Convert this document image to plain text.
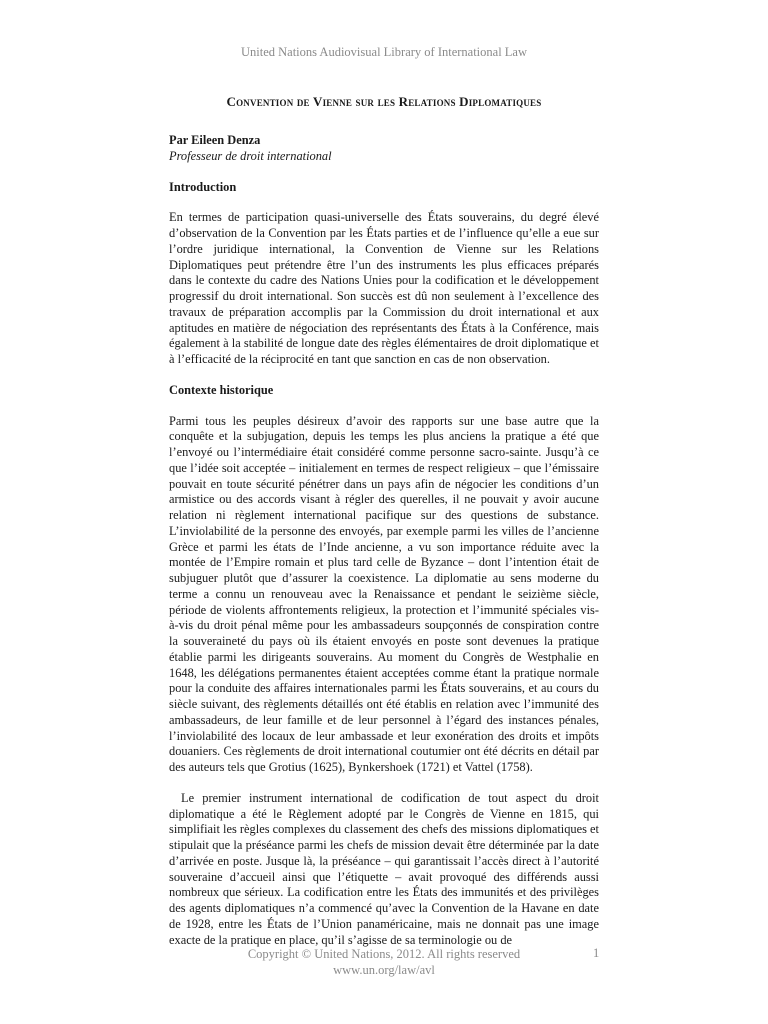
United Nations Audiovisual Library of International Law
Convention de Vienne sur les Relations Diplomatiques

Par Eileen Denza

Professeur de droit international

Introduction

En termes de participation quasi-universelle des États souverains, du degré élevé d’observation de la Convention par les États parties et de l’influence qu’elle a eue sur l’ordre juridique international, la Convention de Vienne sur les Relations Diplomatiques peut prétendre être l’un des instruments les plus efficaces préparés dans le contexte du cadre des Nations Unies pour la codification et le développement progressif du droit international. Son succès est dû non seulement à l’excellence des travaux de préparation accomplis par la Commission du droit international et aux aptitudes en matière de négociation des représentants des États à la Conférence, mais également à la stabilité de longue date des règles élémentaires de droit diplomatique et à l’efficacité de la réciprocité en tant que sanction en cas de non observation.

Contexte historique

Parmi tous les peuples désireux d’avoir des rapports sur une base autre que la conquête et la subjugation, depuis les temps les plus anciens la pratique a été que l’envoyé ou l’intermédiaire était considéré comme personne sacro-sainte. Jusqu’à ce que l’idée soit acceptée – initialement en termes de respect religieux – que l’émissaire pouvait en toute sécurité pénétrer dans un pays afin de négocier les conditions d’un armistice ou des accords visant à régler des querelles, il ne pouvait y avoir aucune relation ni règlement international pacifique sur des questions de substance. L’inviolabilité de la personne des envoyés, par exemple parmi les villes de l’ancienne Grèce et parmi les états de l’Inde ancienne, a vu son importance réduite avec la montée de l’Empire romain et plus tard celle de Byzance – dont l’intention était de subjuguer plutôt que d’assurer la coexistence. La diplomatie au sens moderne du terme a connu un renouveau avec la Renaissance et pendant le seizième siècle, période de violents affrontements religieux, la protection et l’immunité spéciales vis-à-vis du droit pénal même pour les ambassadeurs soupçonnés de conspiration contre la souveraineté du pays où ils étaient envoyés en poste sont devenues la pratique établie parmi les dirigeants souverains. Au moment du Congrès de Westphalie en 1648, les délégations permanentes étaient acceptées comme étant la pratique normale pour la conduite des affaires internationales parmi les États souverains, et au cours du siècle suivant, des règlements détaillés ont été établis en relation avec l’immunité des ambassadeurs, de leur famille et de leur personnel à l’égard des instances pénales, l’inviolabilité des locaux de leur ambassade et leur exonération des droits et impôts douaniers. Ces règlements de droit international coutumier ont été décrits en détail par des auteurs tels que Grotius (1625), Bynkershoek (1721) et Vattel (1758).

Le premier instrument international de codification de tout aspect du droit diplomatique a été le Règlement adopté par le Congrès de Vienne en 1815, qui simplifiait les règles complexes du classement des chefs des missions diplomatiques et stipulait que la préséance parmi les chefs de mission devait être déterminée par la date d’arrivée en poste. Jusque là, la préséance – qui garantissait l’accès direct à l’autorité souveraine d’accueil ainsi que l’étiquette – avait provoqué des différends aussi nombreux que sérieux. La codification entre les États des immunités et des privilèges des agents diplomatiques n’a commencé qu’avec la Convention de la Havane en date de 1928, entre les États de l’Union panaméricaine, mais ne donnait pas une image exacte de la pratique en place, qu’il s’agisse de sa terminologie ou de

Copyright © United Nations, 2012. All rights reserved
www.un.org/law/avl
1
